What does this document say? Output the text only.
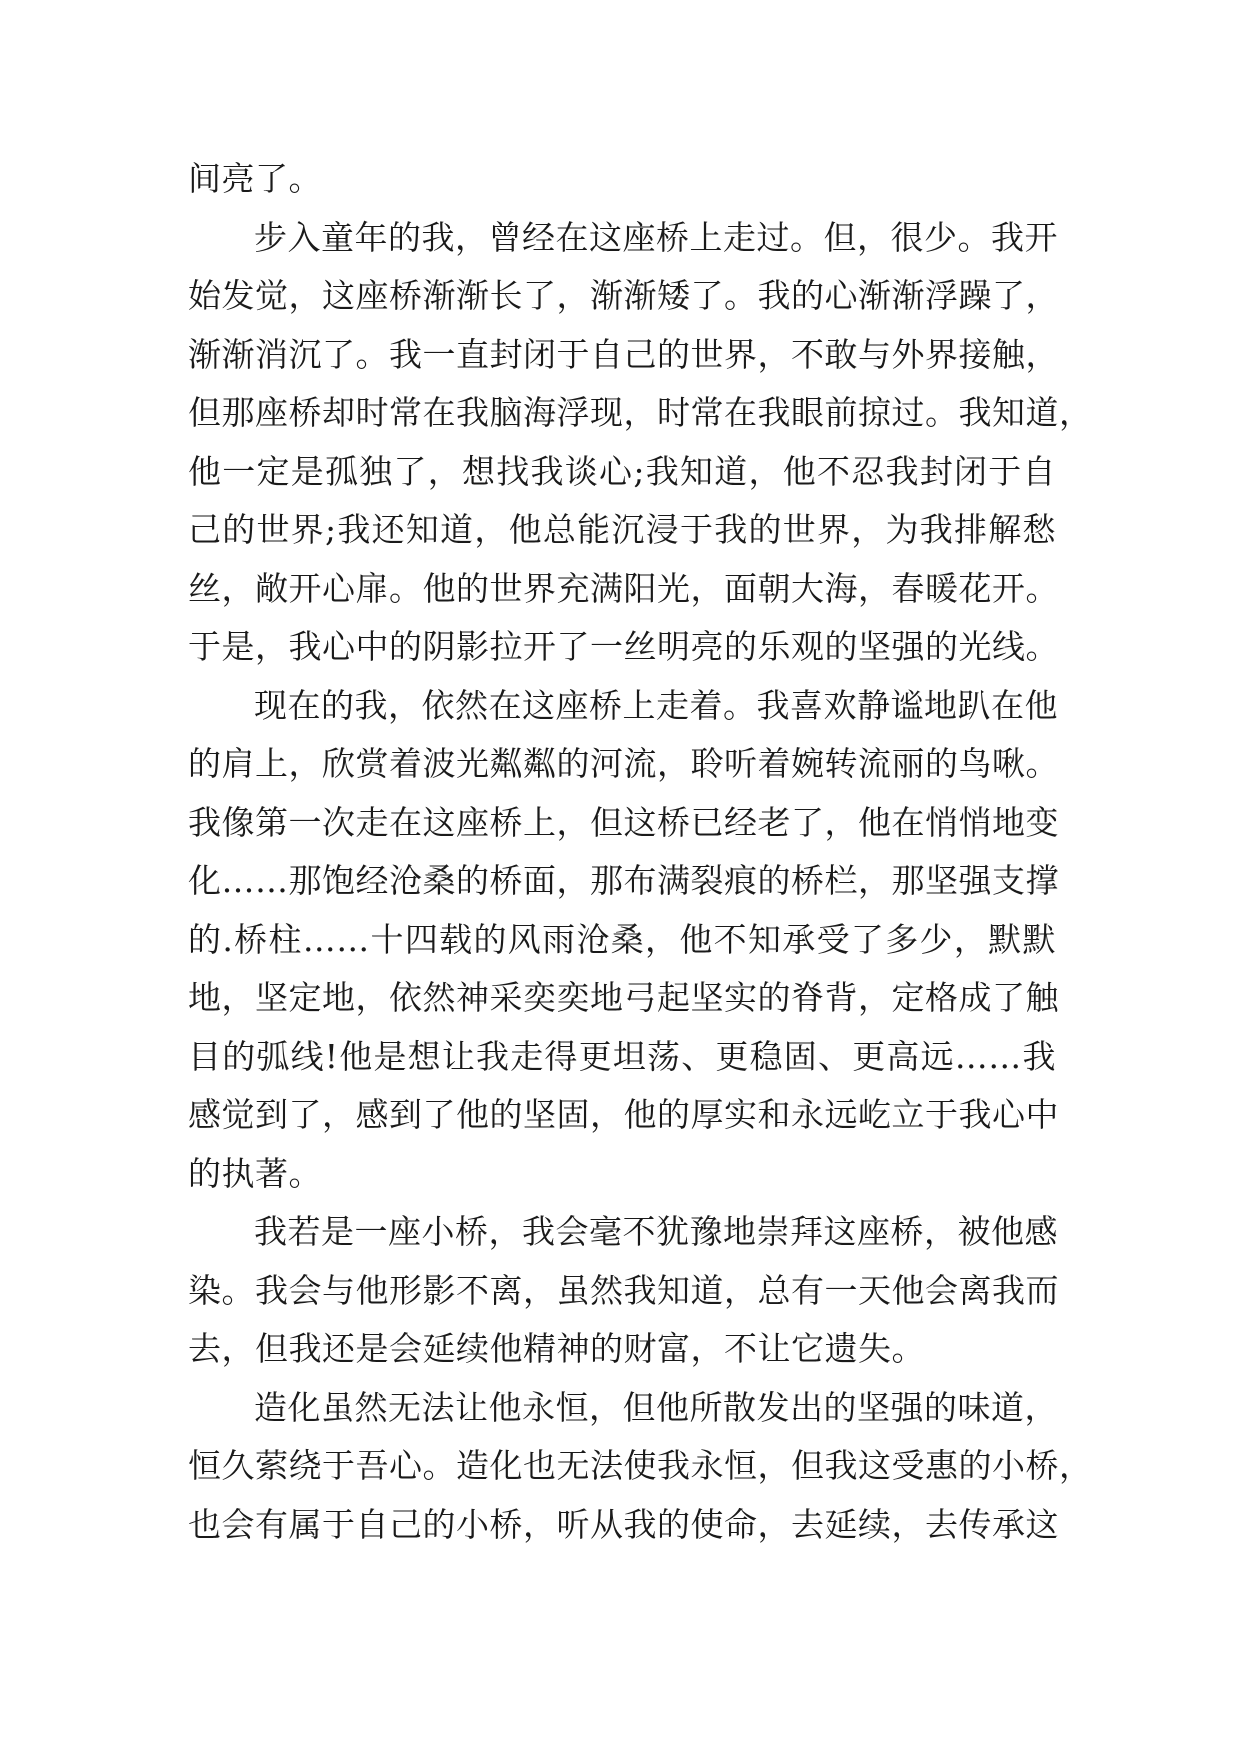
间亮了。

步入童年的我，曾经在这座桥上走过。但，很少。我开
始发觉，这座桥渐渐长了，渐渐矮了。我的心渐渐浮躁了，
渐渐消沉了。我一直封闭于自己的世界，不敢与外界接触，
但那座桥却时常在我脑海浮现，时常在我眼前掠过。我知道，
他一定是孤独了，想找我谈心;我知道，他不忍我封闭于自
己的世界;我还知道，他总能沉浸于我的世界，为我排解愁
丝，敞开心扉。他的世界充满阳光，面朝大海，春暖花开。
于是，我心中的阴影拉开了一丝明亮的乐观的坚强的光线。

现在的我，依然在这座桥上走着。我喜欢静谧地趴在他
的肩上，欣赏着波光粼粼的河流，聆听着婉转流丽的鸟啾。
我像第一次走在这座桥上，但这桥已经老了，他在悄悄地变
化……那饱经沧桑的桥面，那布满裂痕的桥栏，那坚强支撑
的.桥柱……十四载的风雨沧桑，他不知承受了多少，默默
地，坚定地，依然神采奕奕地弓起坚实的脊背，定格成了触
目的弧线!他是想让我走得更坦荡、更稳固、更高远……我
感觉到了，感到了他的坚固，他的厚实和永远屹立于我心中
的执著。

我若是一座小桥，我会毫不犹豫地崇拜这座桥，被他感
染。我会与他形影不离，虽然我知道，总有一天他会离我而
去，但我还是会延续他精神的财富，不让它遗失。

造化虽然无法让他永恒，但他所散发出的坚强的味道，
恒久萦绕于吾心。造化也无法使我永恒，但我这受惠的小桥，
也会有属于自己的小桥，听从我的使命，去延续，去传承这
